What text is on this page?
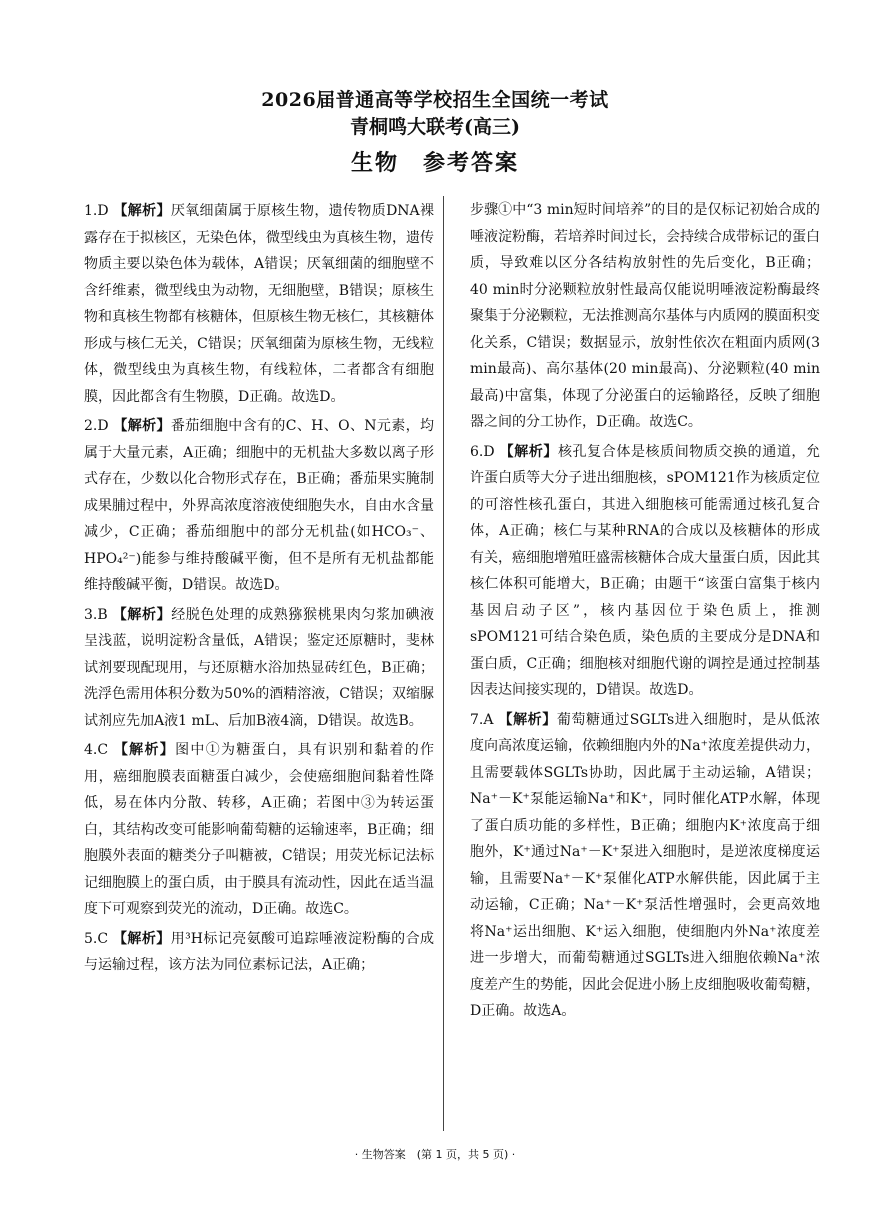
2026届普通高等学校招生全国统一考试
青桐鸣大联考(高三)
生物　参考答案

1.D 【解析】厌氧细菌属于原核生物，遗传物质DNA裸露存在于拟核区，无染色体，微型线虫为真核生物，遗传物质主要以染色体为载体，A错误；厌氧细菌的细胞壁不含纤维素，微型线虫为动物，无细胞壁，B错误；原核生物和真核生物都有核糖体，但原核生物无核仁，其核糖体形成与核仁无关，C错误；厌氧细菌为原核生物，无线粒体，微型线虫为真核生物，有线粒体，二者都含有细胞膜，因此都含有生物膜，D正确。故选D。

2.D 【解析】番茄细胞中含有的C、H、O、N元素，均属于大量元素，A正确；细胞中的无机盐大多数以离子形式存在，少数以化合物形式存在，B正确；番茄果实腌制成果脯过程中，外界高浓度溶液使细胞失水，自由水含量减少，C正确；番茄细胞中的部分无机盐(如HCO₃⁻、HPO₄²⁻)能参与维持酸碱平衡，但不是所有无机盐都能维持酸碱平衡，D错误。故选D。

3.B 【解析】经脱色处理的成熟猕猴桃果肉匀浆加碘液呈浅蓝，说明淀粉含量低，A错误；鉴定还原糖时，斐林试剂要现配现用，与还原糖水浴加热显砖红色，B正确；洗浮色需用体积分数为50%的酒精溶液，C错误；双缩脲试剂应先加A液1 mL、后加B液4滴，D错误。故选B。

4.C 【解析】图中①为糖蛋白，具有识别和黏着的作用，癌细胞膜表面糖蛋白减少，会使癌细胞间黏着性降低，易在体内分散、转移，A正确；若图中③为转运蛋白，其结构改变可能影响葡萄糖的运输速率，B正确；细胞膜外表面的糖类分子叫糖被，C错误；用荧光标记法标记细胞膜上的蛋白质，由于膜具有流动性，因此在适当温度下可观察到荧光的流动，D正确。故选C。

5.C 【解析】用³H标记亮氨酸可追踪唾液淀粉酶的合成与运输过程，该方法为同位素标记法，A正确；

步骤①中“3 min短时间培养”的目的是仅标记初始合成的唾液淀粉酶，若培养时间过长，会持续合成带标记的蛋白质，导致难以区分各结构放射性的先后变化，B正确；40 min时分泌颗粒放射性最高仅能说明唾液淀粉酶最终聚集于分泌颗粒，无法推测高尔基体与内质网的膜面积变化关系，C错误；数据显示，放射性依次在粗面内质网(3 min最高)、高尔基体(20 min最高)、分泌颗粒(40 min最高)中富集，体现了分泌蛋白的运输路径，反映了细胞器之间的分工协作，D正确。故选C。

6.D 【解析】核孔复合体是核质间物质交换的通道，允许蛋白质等大分子进出细胞核，sPOM121作为核质定位的可溶性核孔蛋白，其进入细胞核可能需通过核孔复合体，A正确；核仁与某种RNA的合成以及核糖体的形成有关，癌细胞增殖旺盛需核糖体合成大量蛋白质，因此其核仁体积可能增大，B正确；由题干“该蛋白富集于核内基因启动子区”，核内基因位于染色质上，推测sPOM121可结合染色质，染色质的主要成分是DNA和蛋白质，C正确；细胞核对细胞代谢的调控是通过控制基因表达间接实现的，D错误。故选D。

7.A 【解析】葡萄糖通过SGLTs进入细胞时，是从低浓度向高浓度运输，依赖细胞内外的Na⁺浓度差提供动力，且需要载体SGLTs协助，因此属于主动运输，A错误；Na⁺－K⁺泵能运输Na⁺和K⁺，同时催化ATP水解，体现了蛋白质功能的多样性，B正确；细胞内K⁺浓度高于细胞外，K⁺通过Na⁺－K⁺泵进入细胞时，是逆浓度梯度运输，且需要Na⁺－K⁺泵催化ATP水解供能，因此属于主动运输，C正确；Na⁺－K⁺泵活性增强时，会更高效地将Na⁺运出细胞、K⁺运入细胞，使细胞内外Na⁺浓度差进一步增大，而葡萄糖通过SGLTs进入细胞依赖Na⁺浓度差产生的势能，因此会促进小肠上皮细胞吸收葡萄糖，D正确。故选A。

· 生物答案　(第 1 页，共 5 页) ·
